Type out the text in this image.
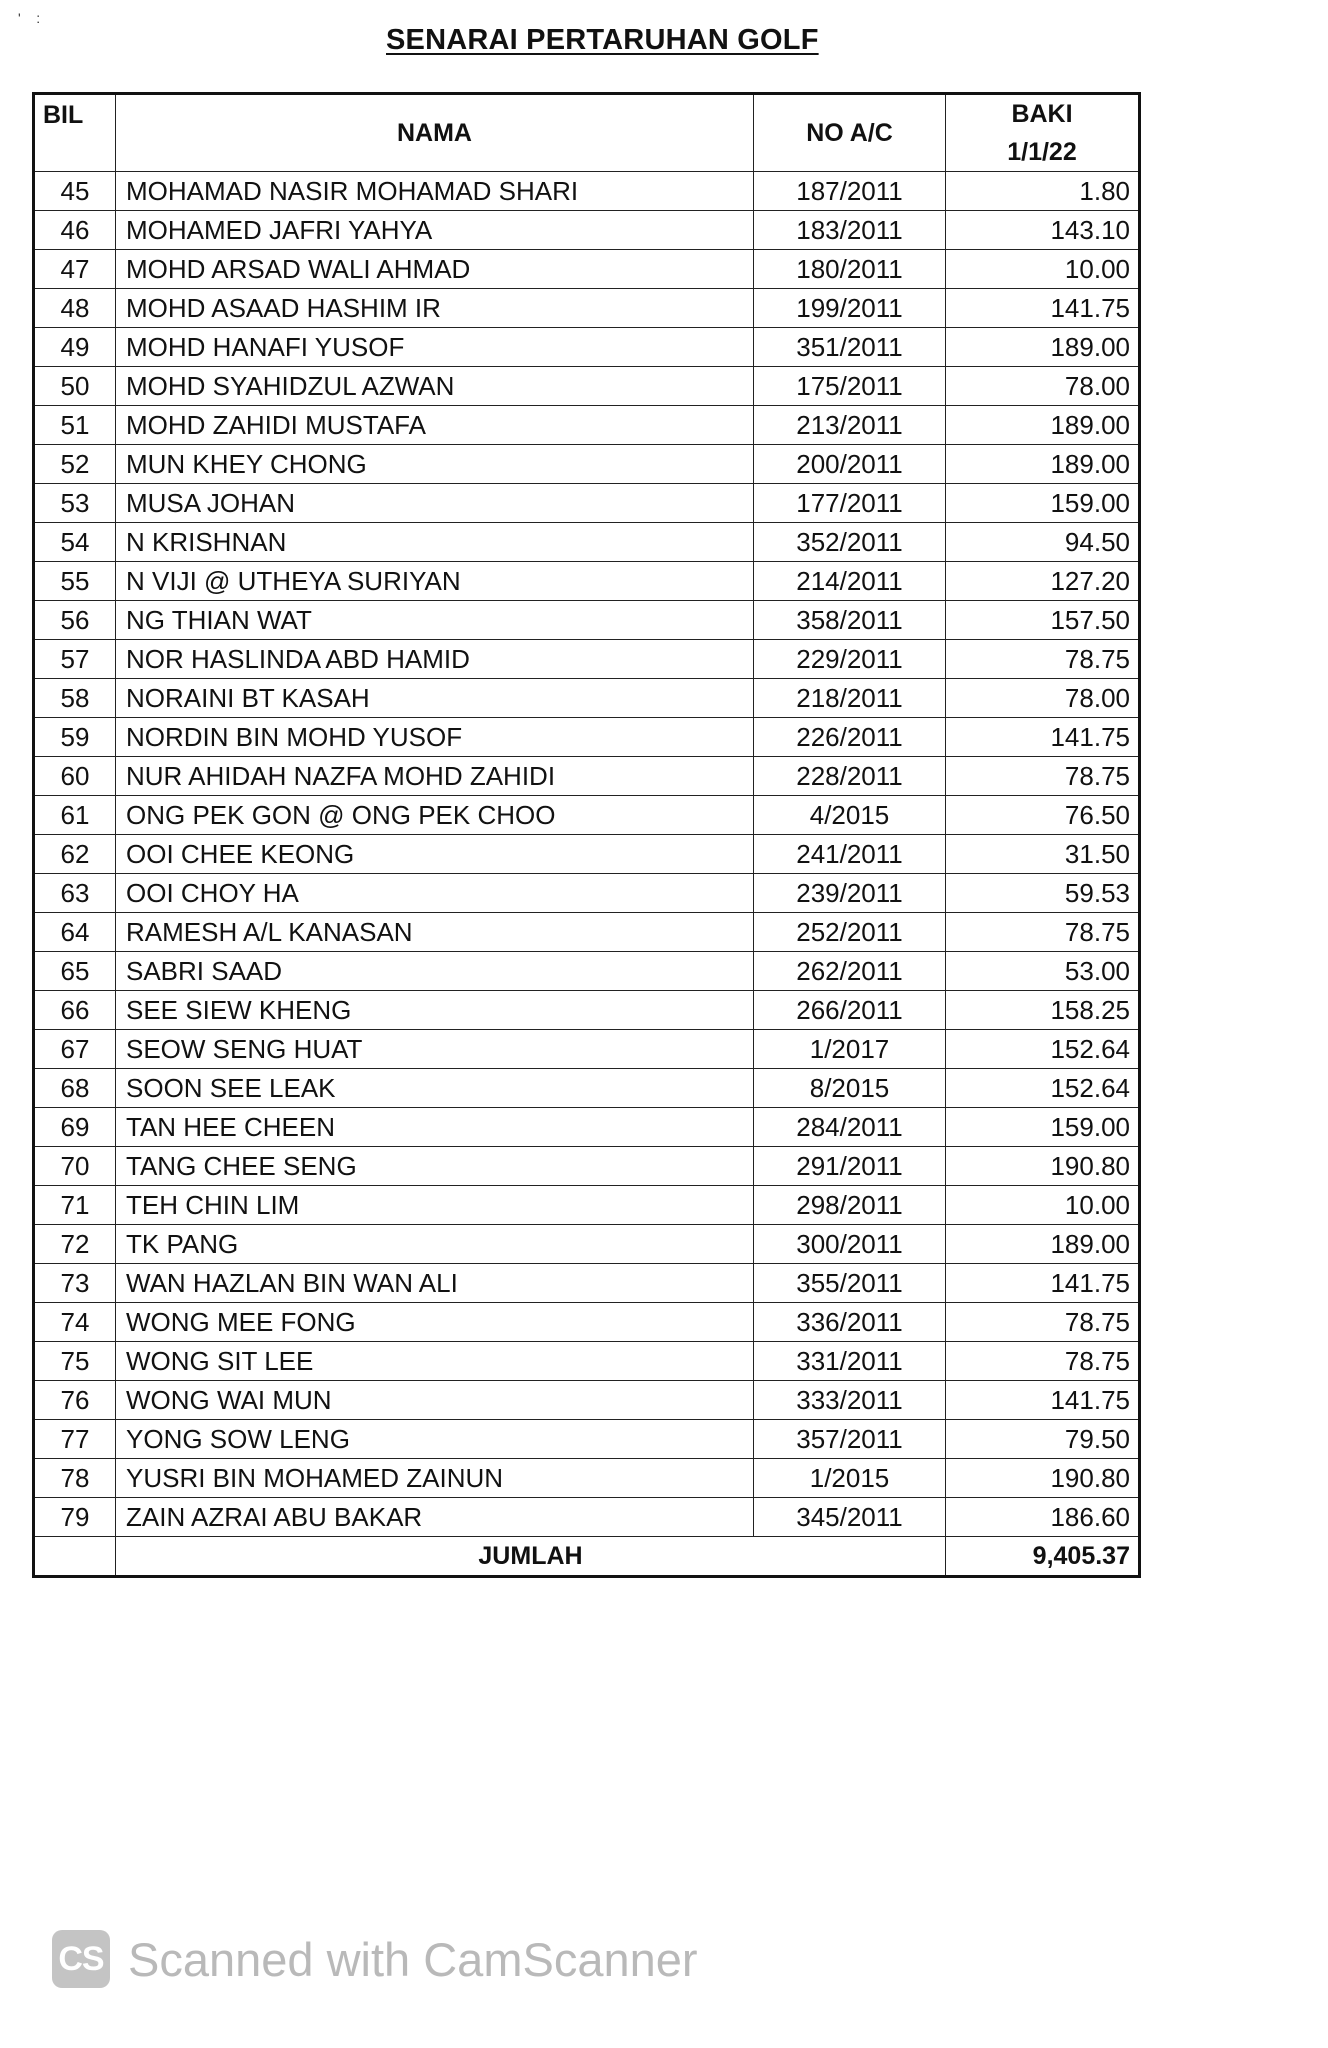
'    :
SENARAI PERTARUHAN GOLF
BIL	NAMA	NO A/C	BAKI
1/1/22

45	MOHAMAD NASIR MOHAMAD SHARI	187/2011	1.80
46	MOHAMED JAFRI YAHYA	183/2011	143.10
47	MOHD ARSAD WALI AHMAD	180/2011	10.00
48	MOHD ASAAD HASHIM IR	199/2011	141.75
49	MOHD HANAFI YUSOF	351/2011	189.00
50	MOHD SYAHIDZUL AZWAN	175/2011	78.00
51	MOHD ZAHIDI MUSTAFA	213/2011	189.00
52	MUN KHEY CHONG	200/2011	189.00
53	MUSA JOHAN	177/2011	159.00
54	N KRISHNAN	352/2011	94.50
55	N VIJI @ UTHEYA SURIYAN	214/2011	127.20
56	NG THIAN WAT	358/2011	157.50
57	NOR HASLINDA ABD HAMID	229/2011	78.75
58	NORAINI BT KASAH	218/2011	78.00
59	NORDIN BIN MOHD YUSOF	226/2011	141.75
60	NUR AHIDAH NAZFA MOHD ZAHIDI	228/2011	78.75
61	ONG PEK GON @ ONG PEK CHOO	4/2015	76.50
62	OOI CHEE KEONG	241/2011	31.50
63	OOI CHOY HA	239/2011	59.53
64	RAMESH A/L KANASAN	252/2011	78.75
65	SABRI SAAD	262/2011	53.00
66	SEE SIEW KHENG	266/2011	158.25
67	SEOW SENG HUAT	1/2017	152.64
68	SOON SEE LEAK	8/2015	152.64
69	TAN HEE CHEEN	284/2011	159.00
70	TANG CHEE SENG	291/2011	190.80
71	TEH CHIN LIM	298/2011	10.00
72	TK PANG	300/2011	189.00
73	WAN HAZLAN BIN WAN ALI	355/2011	141.75
74	WONG MEE FONG	336/2011	78.75
75	WONG SIT LEE	331/2011	78.75
76	WONG WAI MUN	333/2011	141.75
77	YONG SOW LENG	357/2011	79.50
78	YUSRI BIN MOHAMED ZAINUN	1/2015	190.80
79	ZAIN AZRAI ABU BAKAR	345/2011	186.60
	JUMLAH		9,405.37
CS Scanned with CamScanner
